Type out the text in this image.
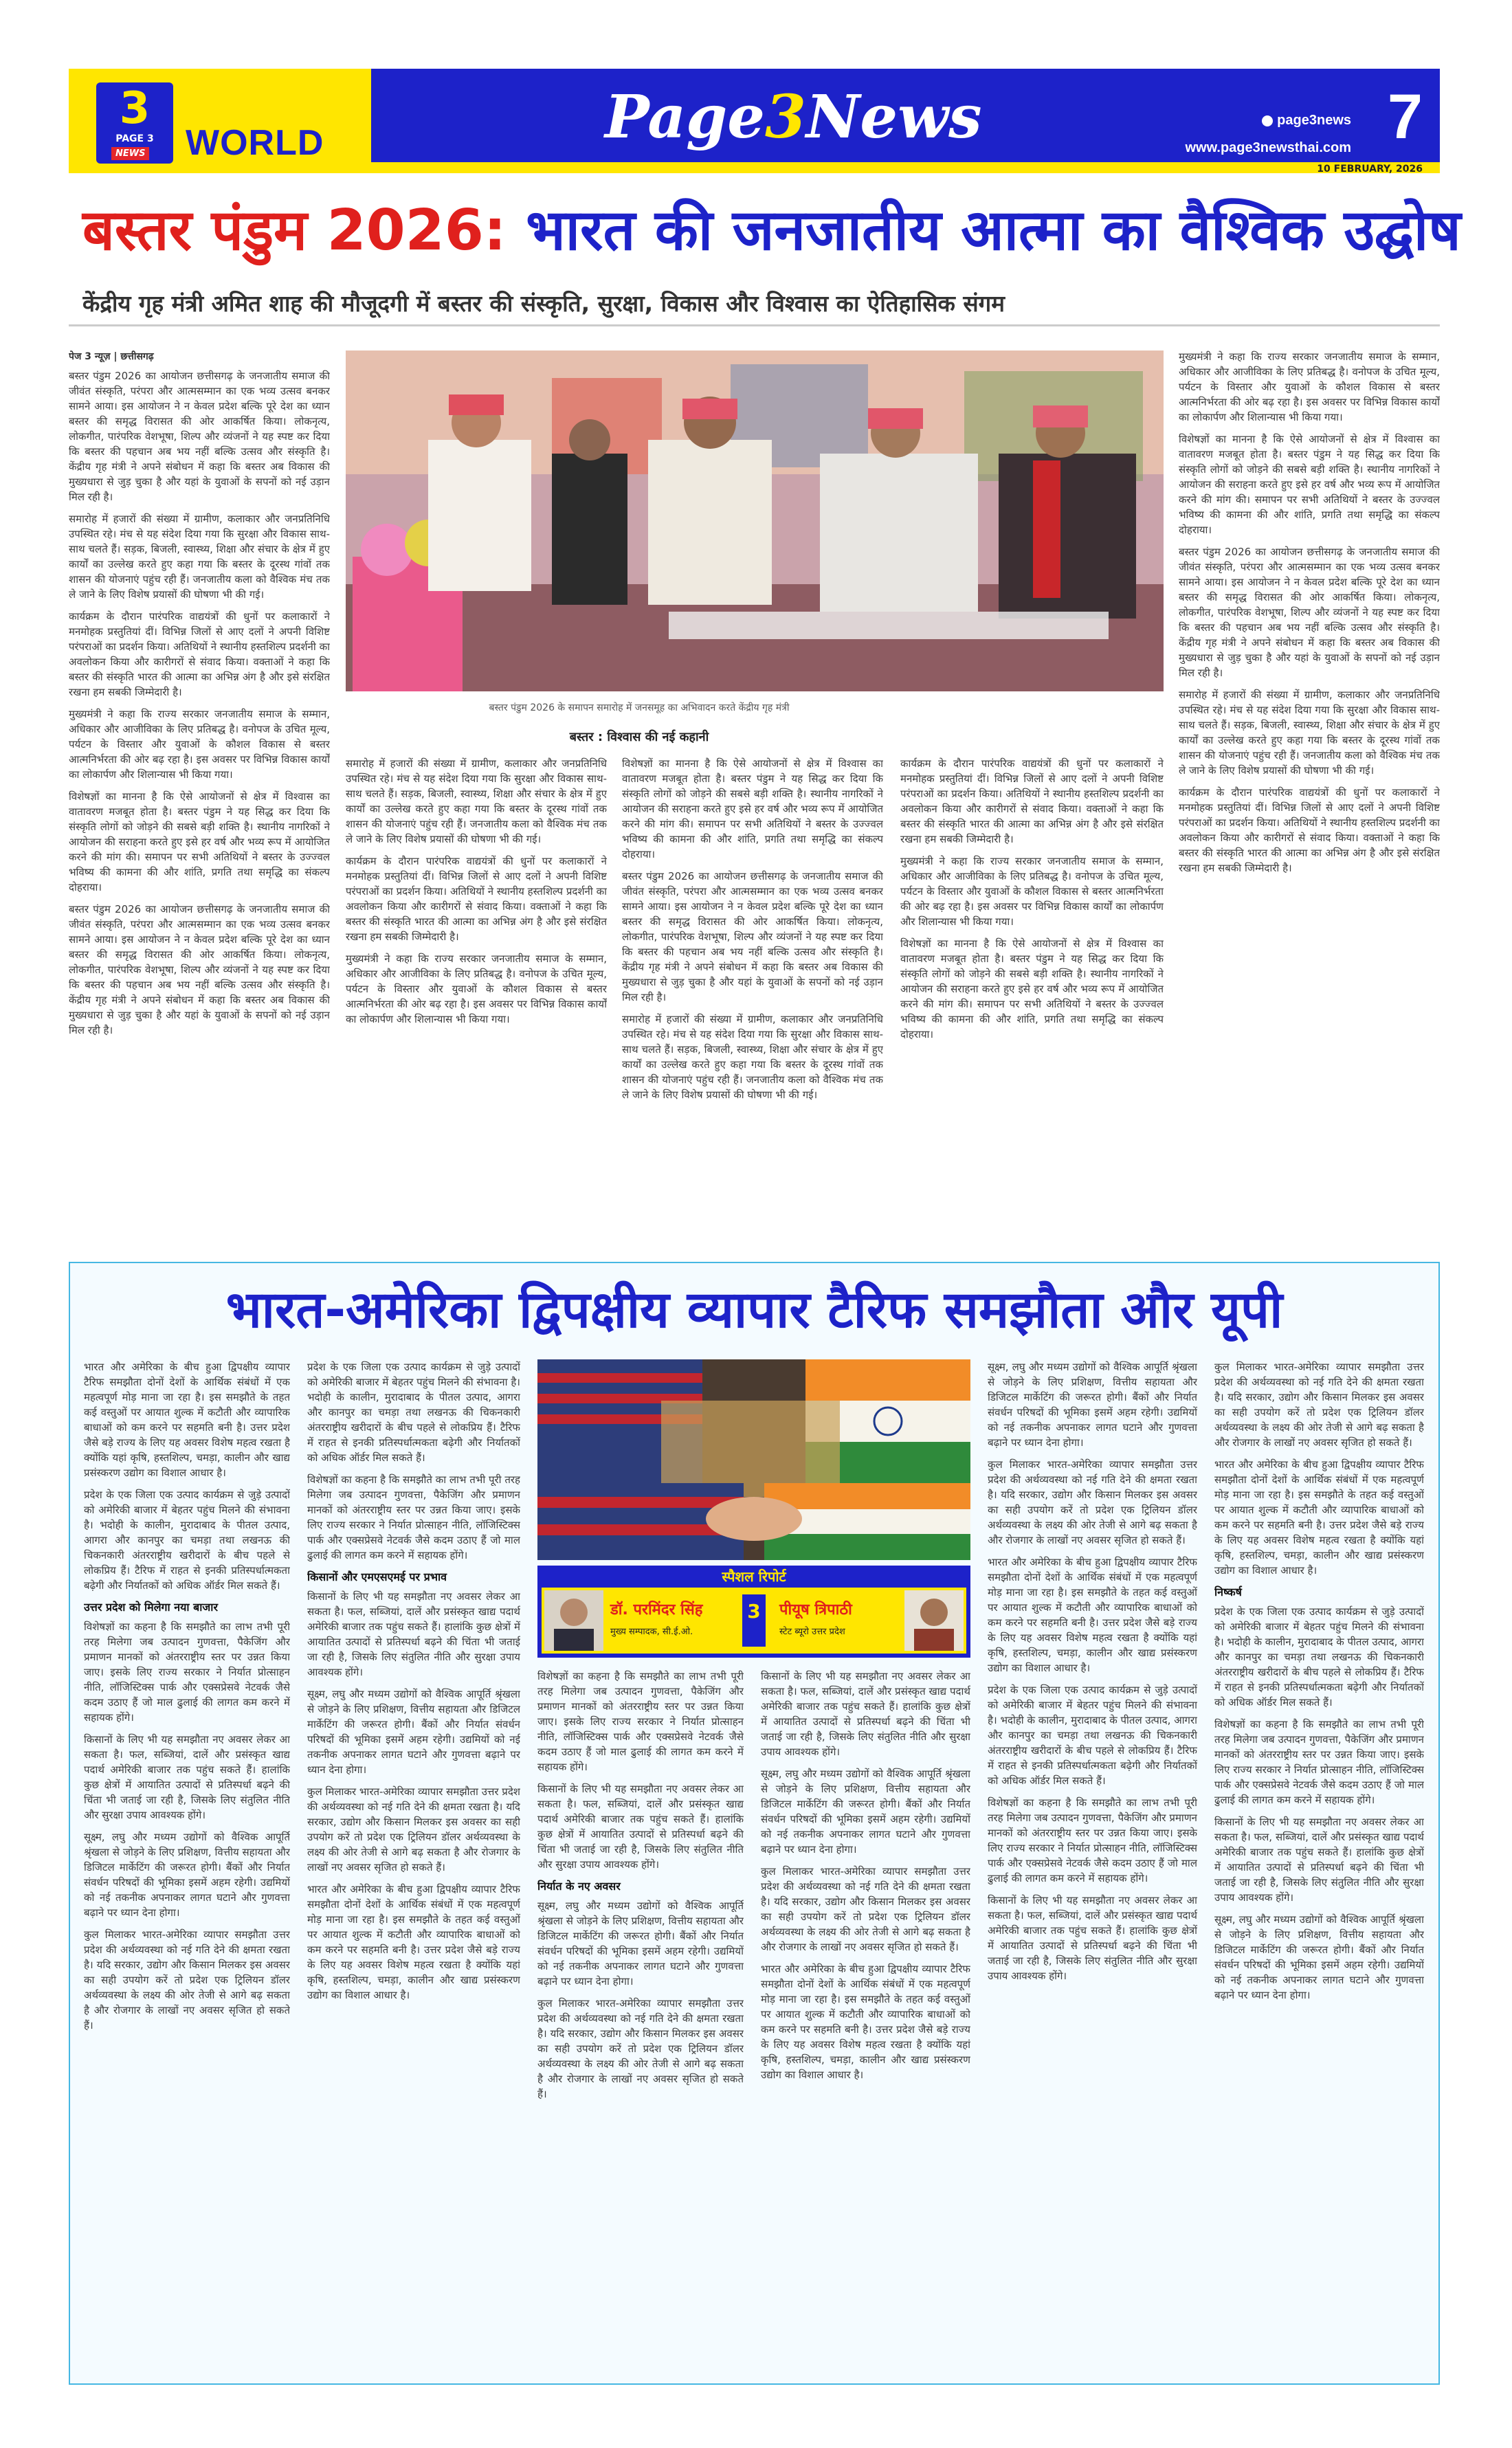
3
PAGE 3
NEWS WORLD	Page3News	page3news
www.page3newsthai.com 7
10 FEBRUARY, 2026
बस्तर पंडुम 2026: भारत की जनजातीय आत्मा का वैश्विक उद्घोष
केंद्रीय गृह मंत्री अमित शाह की मौजूदगी में बस्तर की संस्कृति, सुरक्षा, विकास और विश्वास का ऐतिहासिक संगम
पेज 3 न्यूज़ | छत्तीसगढ़

बस्तर पंडुम 2026 का आयोजन छत्तीसगढ़ के जनजातीय समाज की जीवंत संस्कृति, परंपरा और आत्मसम्मान का एक भव्य उत्सव बनकर सामने आया। इस आयोजन ने न केवल प्रदेश बल्कि पूरे देश का ध्यान बस्तर की समृद्ध विरासत की ओर आकर्षित किया। लोकनृत्य, लोकगीत, पारंपरिक वेशभूषा, शिल्प और व्यंजनों ने यह स्पष्ट कर दिया कि बस्तर की पहचान अब भय नहीं बल्कि उत्सव और संस्कृति है। केंद्रीय गृह मंत्री ने अपने संबोधन में कहा कि बस्तर अब विकास की मुख्यधारा से जुड़ चुका है और यहां के युवाओं के सपनों को नई उड़ान मिल रही है।

समारोह में हजारों की संख्या में ग्रामीण, कलाकार और जनप्रतिनिधि उपस्थित रहे। मंच से यह संदेश दिया गया कि सुरक्षा और विकास साथ-साथ चलते हैं। सड़क, बिजली, स्वास्थ्य, शिक्षा और संचार के क्षेत्र में हुए कार्यों का उल्लेख करते हुए कहा गया कि बस्तर के दूरस्थ गांवों तक शासन की योजनाएं पहुंच रही हैं। जनजातीय कला को वैश्विक मंच तक ले जाने के लिए विशेष प्रयासों की घोषणा भी की गई।

कार्यक्रम के दौरान पारंपरिक वाद्ययंत्रों की धुनों पर कलाकारों ने मनमोहक प्रस्तुतियां दीं। विभिन्न जिलों से आए दलों ने अपनी विशिष्ट परंपराओं का प्रदर्शन किया। अतिथियों ने स्थानीय हस्तशिल्प प्रदर्शनी का अवलोकन किया और कारीगरों से संवाद किया। वक्ताओं ने कहा कि बस्तर की संस्कृति भारत की आत्मा का अभिन्न अंग है और इसे संरक्षित रखना हम सबकी जिम्मेदारी है।

मुख्यमंत्री ने कहा कि राज्य सरकार जनजातीय समाज के सम्मान, अधिकार और आजीविका के लिए प्रतिबद्ध है। वनोपज के उचित मूल्य, पर्यटन के विस्तार और युवाओं के कौशल विकास से बस्तर आत्मनिर्भरता की ओर बढ़ रहा है। इस अवसर पर विभिन्न विकास कार्यों का लोकार्पण और शिलान्यास भी किया गया।

विशेषज्ञों का मानना है कि ऐसे आयोजनों से क्षेत्र में विश्वास का वातावरण मजबूत होता है। बस्तर पंडुम ने यह सिद्ध कर दिया कि संस्कृति लोगों को जोड़ने की सबसे बड़ी शक्ति है। स्थानीय नागरिकों ने आयोजन की सराहना करते हुए इसे हर वर्ष और भव्य रूप में आयोजित करने की मांग की। समापन पर सभी अतिथियों ने बस्तर के उज्ज्वल भविष्य की कामना की और शांति, प्रगति तथा समृद्धि का संकल्प दोहराया।

बस्तर पंडुम 2026 का आयोजन छत्तीसगढ़ के जनजातीय समाज की जीवंत संस्कृति, परंपरा और आत्मसम्मान का एक भव्य उत्सव बनकर सामने आया। इस आयोजन ने न केवल प्रदेश बल्कि पूरे देश का ध्यान बस्तर की समृद्ध विरासत की ओर आकर्षित किया। लोकनृत्य, लोकगीत, पारंपरिक वेशभूषा, शिल्प और व्यंजनों ने यह स्पष्ट कर दिया कि बस्तर की पहचान अब भय नहीं बल्कि उत्सव और संस्कृति है। केंद्रीय गृह मंत्री ने अपने संबोधन में कहा कि बस्तर अब विकास की मुख्यधारा से जुड़ चुका है और यहां के युवाओं के सपनों को नई उड़ान मिल रही है।

बस्तर पंडुम 2026 के समापन समारोह में जनसमूह का अभिवादन करते केंद्रीय गृह मंत्री
बस्तर : विश्वास की नई कहानी

समारोह में हजारों की संख्या में ग्रामीण, कलाकार और जनप्रतिनिधि उपस्थित रहे। मंच से यह संदेश दिया गया कि सुरक्षा और विकास साथ-साथ चलते हैं। सड़क, बिजली, स्वास्थ्य, शिक्षा और संचार के क्षेत्र में हुए कार्यों का उल्लेख करते हुए कहा गया कि बस्तर के दूरस्थ गांवों तक शासन की योजनाएं पहुंच रही हैं। जनजातीय कला को वैश्विक मंच तक ले जाने के लिए विशेष प्रयासों की घोषणा भी की गई।

कार्यक्रम के दौरान पारंपरिक वाद्ययंत्रों की धुनों पर कलाकारों ने मनमोहक प्रस्तुतियां दीं। विभिन्न जिलों से आए दलों ने अपनी विशिष्ट परंपराओं का प्रदर्शन किया। अतिथियों ने स्थानीय हस्तशिल्प प्रदर्शनी का अवलोकन किया और कारीगरों से संवाद किया। वक्ताओं ने कहा कि बस्तर की संस्कृति भारत की आत्मा का अभिन्न अंग है और इसे संरक्षित रखना हम सबकी जिम्मेदारी है।

मुख्यमंत्री ने कहा कि राज्य सरकार जनजातीय समाज के सम्मान, अधिकार और आजीविका के लिए प्रतिबद्ध है। वनोपज के उचित मूल्य, पर्यटन के विस्तार और युवाओं के कौशल विकास से बस्तर आत्मनिर्भरता की ओर बढ़ रहा है। इस अवसर पर विभिन्न विकास कार्यों का लोकार्पण और शिलान्यास भी किया गया।

विशेषज्ञों का मानना है कि ऐसे आयोजनों से क्षेत्र में विश्वास का वातावरण मजबूत होता है। बस्तर पंडुम ने यह सिद्ध कर दिया कि संस्कृति लोगों को जोड़ने की सबसे बड़ी शक्ति है। स्थानीय नागरिकों ने आयोजन की सराहना करते हुए इसे हर वर्ष और भव्य रूप में आयोजित करने की मांग की। समापन पर सभी अतिथियों ने बस्तर के उज्ज्वल भविष्य की कामना की और शांति, प्रगति तथा समृद्धि का संकल्प दोहराया।

बस्तर पंडुम 2026 का आयोजन छत्तीसगढ़ के जनजातीय समाज की जीवंत संस्कृति, परंपरा और आत्मसम्मान का एक भव्य उत्सव बनकर सामने आया। इस आयोजन ने न केवल प्रदेश बल्कि पूरे देश का ध्यान बस्तर की समृद्ध विरासत की ओर आकर्षित किया। लोकनृत्य, लोकगीत, पारंपरिक वेशभूषा, शिल्प और व्यंजनों ने यह स्पष्ट कर दिया कि बस्तर की पहचान अब भय नहीं बल्कि उत्सव और संस्कृति है। केंद्रीय गृह मंत्री ने अपने संबोधन में कहा कि बस्तर अब विकास की मुख्यधारा से जुड़ चुका है और यहां के युवाओं के सपनों को नई उड़ान मिल रही है।

समारोह में हजारों की संख्या में ग्रामीण, कलाकार और जनप्रतिनिधि उपस्थित रहे। मंच से यह संदेश दिया गया कि सुरक्षा और विकास साथ-साथ चलते हैं। सड़क, बिजली, स्वास्थ्य, शिक्षा और संचार के क्षेत्र में हुए कार्यों का उल्लेख करते हुए कहा गया कि बस्तर के दूरस्थ गांवों तक शासन की योजनाएं पहुंच रही हैं। जनजातीय कला को वैश्विक मंच तक ले जाने के लिए विशेष प्रयासों की घोषणा भी की गई।

कार्यक्रम के दौरान पारंपरिक वाद्ययंत्रों की धुनों पर कलाकारों ने मनमोहक प्रस्तुतियां दीं। विभिन्न जिलों से आए दलों ने अपनी विशिष्ट परंपराओं का प्रदर्शन किया। अतिथियों ने स्थानीय हस्तशिल्प प्रदर्शनी का अवलोकन किया और कारीगरों से संवाद किया। वक्ताओं ने कहा कि बस्तर की संस्कृति भारत की आत्मा का अभिन्न अंग है और इसे संरक्षित रखना हम सबकी जिम्मेदारी है।

मुख्यमंत्री ने कहा कि राज्य सरकार जनजातीय समाज के सम्मान, अधिकार और आजीविका के लिए प्रतिबद्ध है। वनोपज के उचित मूल्य, पर्यटन के विस्तार और युवाओं के कौशल विकास से बस्तर आत्मनिर्भरता की ओर बढ़ रहा है। इस अवसर पर विभिन्न विकास कार्यों का लोकार्पण और शिलान्यास भी किया गया।

विशेषज्ञों का मानना है कि ऐसे आयोजनों से क्षेत्र में विश्वास का वातावरण मजबूत होता है। बस्तर पंडुम ने यह सिद्ध कर दिया कि संस्कृति लोगों को जोड़ने की सबसे बड़ी शक्ति है। स्थानीय नागरिकों ने आयोजन की सराहना करते हुए इसे हर वर्ष और भव्य रूप में आयोजित करने की मांग की। समापन पर सभी अतिथियों ने बस्तर के उज्ज्वल भविष्य की कामना की और शांति, प्रगति तथा समृद्धि का संकल्प दोहराया।

मुख्यमंत्री ने कहा कि राज्य सरकार जनजातीय समाज के सम्मान, अधिकार और आजीविका के लिए प्रतिबद्ध है। वनोपज के उचित मूल्य, पर्यटन के विस्तार और युवाओं के कौशल विकास से बस्तर आत्मनिर्भरता की ओर बढ़ रहा है। इस अवसर पर विभिन्न विकास कार्यों का लोकार्पण और शिलान्यास भी किया गया।

विशेषज्ञों का मानना है कि ऐसे आयोजनों से क्षेत्र में विश्वास का वातावरण मजबूत होता है। बस्तर पंडुम ने यह सिद्ध कर दिया कि संस्कृति लोगों को जोड़ने की सबसे बड़ी शक्ति है। स्थानीय नागरिकों ने आयोजन की सराहना करते हुए इसे हर वर्ष और भव्य रूप में आयोजित करने की मांग की। समापन पर सभी अतिथियों ने बस्तर के उज्ज्वल भविष्य की कामना की और शांति, प्रगति तथा समृद्धि का संकल्प दोहराया।

बस्तर पंडुम 2026 का आयोजन छत्तीसगढ़ के जनजातीय समाज की जीवंत संस्कृति, परंपरा और आत्मसम्मान का एक भव्य उत्सव बनकर सामने आया। इस आयोजन ने न केवल प्रदेश बल्कि पूरे देश का ध्यान बस्तर की समृद्ध विरासत की ओर आकर्षित किया। लोकनृत्य, लोकगीत, पारंपरिक वेशभूषा, शिल्प और व्यंजनों ने यह स्पष्ट कर दिया कि बस्तर की पहचान अब भय नहीं बल्कि उत्सव और संस्कृति है। केंद्रीय गृह मंत्री ने अपने संबोधन में कहा कि बस्तर अब विकास की मुख्यधारा से जुड़ चुका है और यहां के युवाओं के सपनों को नई उड़ान मिल रही है।

समारोह में हजारों की संख्या में ग्रामीण, कलाकार और जनप्रतिनिधि उपस्थित रहे। मंच से यह संदेश दिया गया कि सुरक्षा और विकास साथ-साथ चलते हैं। सड़क, बिजली, स्वास्थ्य, शिक्षा और संचार के क्षेत्र में हुए कार्यों का उल्लेख करते हुए कहा गया कि बस्तर के दूरस्थ गांवों तक शासन की योजनाएं पहुंच रही हैं। जनजातीय कला को वैश्विक मंच तक ले जाने के लिए विशेष प्रयासों की घोषणा भी की गई।

कार्यक्रम के दौरान पारंपरिक वाद्ययंत्रों की धुनों पर कलाकारों ने मनमोहक प्रस्तुतियां दीं। विभिन्न जिलों से आए दलों ने अपनी विशिष्ट परंपराओं का प्रदर्शन किया। अतिथियों ने स्थानीय हस्तशिल्प प्रदर्शनी का अवलोकन किया और कारीगरों से संवाद किया। वक्ताओं ने कहा कि बस्तर की संस्कृति भारत की आत्मा का अभिन्न अंग है और इसे संरक्षित रखना हम सबकी जिम्मेदारी है।

भारत-अमेरिका द्विपक्षीय व्यापार टैरिफ समझौता और यूपी

भारत और अमेरिका के बीच हुआ द्विपक्षीय व्यापार टैरिफ समझौता दोनों देशों के आर्थिक संबंधों में एक महत्वपूर्ण मोड़ माना जा रहा है। इस समझौते के तहत कई वस्तुओं पर आयात शुल्क में कटौती और व्यापारिक बाधाओं को कम करने पर सहमति बनी है। उत्तर प्रदेश जैसे बड़े राज्य के लिए यह अवसर विशेष महत्व रखता है क्योंकि यहां कृषि, हस्तशिल्प, चमड़ा, कालीन और खाद्य प्रसंस्करण उद्योग का विशाल आधार है।

प्रदेश के एक जिला एक उत्पाद कार्यक्रम से जुड़े उत्पादों को अमेरिकी बाजार में बेहतर पहुंच मिलने की संभावना है। भदोही के कालीन, मुरादाबाद के पीतल उत्पाद, आगरा और कानपुर का चमड़ा तथा लखनऊ की चिकनकारी अंतरराष्ट्रीय खरीदारों के बीच पहले से लोकप्रिय हैं। टैरिफ में राहत से इनकी प्रतिस्पर्धात्मकता बढ़ेगी और निर्यातकों को अधिक ऑर्डर मिल सकते हैं।

उत्तर प्रदेश को मिलेगा नया बाजार

विशेषज्ञों का कहना है कि समझौते का लाभ तभी पूरी तरह मिलेगा जब उत्पादन गुणवत्ता, पैकेजिंग और प्रमाणन मानकों को अंतरराष्ट्रीय स्तर पर उन्नत किया जाए। इसके लिए राज्य सरकार ने निर्यात प्रोत्साहन नीति, लॉजिस्टिक्स पार्क और एक्सप्रेसवे नेटवर्क जैसे कदम उठाए हैं जो माल ढुलाई की लागत कम करने में सहायक होंगे।

किसानों के लिए भी यह समझौता नए अवसर लेकर आ सकता है। फल, सब्जियां, दालें और प्रसंस्कृत खाद्य पदार्थ अमेरिकी बाजार तक पहुंच सकते हैं। हालांकि कुछ क्षेत्रों में आयातित उत्पादों से प्रतिस्पर्धा बढ़ने की चिंता भी जताई जा रही है, जिसके लिए संतुलित नीति और सुरक्षा उपाय आवश्यक होंगे।

सूक्ष्म, लघु और मध्यम उद्योगों को वैश्विक आपूर्ति श्रृंखला से जोड़ने के लिए प्रशिक्षण, वित्तीय सहायता और डिजिटल मार्केटिंग की जरूरत होगी। बैंकों और निर्यात संवर्धन परिषदों की भूमिका इसमें अहम रहेगी। उद्यमियों को नई तकनीक अपनाकर लागत घटाने और गुणवत्ता बढ़ाने पर ध्यान देना होगा।

कुल मिलाकर भारत-अमेरिका व्यापार समझौता उत्तर प्रदेश की अर्थव्यवस्था को नई गति देने की क्षमता रखता है। यदि सरकार, उद्योग और किसान मिलकर इस अवसर का सही उपयोग करें तो प्रदेश एक ट्रिलियन डॉलर अर्थव्यवस्था के लक्ष्य की ओर तेजी से आगे बढ़ सकता है और रोजगार के लाखों नए अवसर सृजित हो सकते हैं।

प्रदेश के एक जिला एक उत्पाद कार्यक्रम से जुड़े उत्पादों को अमेरिकी बाजार में बेहतर पहुंच मिलने की संभावना है। भदोही के कालीन, मुरादाबाद के पीतल उत्पाद, आगरा और कानपुर का चमड़ा तथा लखनऊ की चिकनकारी अंतरराष्ट्रीय खरीदारों के बीच पहले से लोकप्रिय हैं। टैरिफ में राहत से इनकी प्रतिस्पर्धात्मकता बढ़ेगी और निर्यातकों को अधिक ऑर्डर मिल सकते हैं।

विशेषज्ञों का कहना है कि समझौते का लाभ तभी पूरी तरह मिलेगा जब उत्पादन गुणवत्ता, पैकेजिंग और प्रमाणन मानकों को अंतरराष्ट्रीय स्तर पर उन्नत किया जाए। इसके लिए राज्य सरकार ने निर्यात प्रोत्साहन नीति, लॉजिस्टिक्स पार्क और एक्सप्रेसवे नेटवर्क जैसे कदम उठाए हैं जो माल ढुलाई की लागत कम करने में सहायक होंगे।

किसानों और एमएसएमई पर प्रभाव

किसानों के लिए भी यह समझौता नए अवसर लेकर आ सकता है। फल, सब्जियां, दालें और प्रसंस्कृत खाद्य पदार्थ अमेरिकी बाजार तक पहुंच सकते हैं। हालांकि कुछ क्षेत्रों में आयातित उत्पादों से प्रतिस्पर्धा बढ़ने की चिंता भी जताई जा रही है, जिसके लिए संतुलित नीति और सुरक्षा उपाय आवश्यक होंगे।

सूक्ष्म, लघु और मध्यम उद्योगों को वैश्विक आपूर्ति श्रृंखला से जोड़ने के लिए प्रशिक्षण, वित्तीय सहायता और डिजिटल मार्केटिंग की जरूरत होगी। बैंकों और निर्यात संवर्धन परिषदों की भूमिका इसमें अहम रहेगी। उद्यमियों को नई तकनीक अपनाकर लागत घटाने और गुणवत्ता बढ़ाने पर ध्यान देना होगा।

कुल मिलाकर भारत-अमेरिका व्यापार समझौता उत्तर प्रदेश की अर्थव्यवस्था को नई गति देने की क्षमता रखता है। यदि सरकार, उद्योग और किसान मिलकर इस अवसर का सही उपयोग करें तो प्रदेश एक ट्रिलियन डॉलर अर्थव्यवस्था के लक्ष्य की ओर तेजी से आगे बढ़ सकता है और रोजगार के लाखों नए अवसर सृजित हो सकते हैं।

भारत और अमेरिका के बीच हुआ द्विपक्षीय व्यापार टैरिफ समझौता दोनों देशों के आर्थिक संबंधों में एक महत्वपूर्ण मोड़ माना जा रहा है। इस समझौते के तहत कई वस्तुओं पर आयात शुल्क में कटौती और व्यापारिक बाधाओं को कम करने पर सहमति बनी है। उत्तर प्रदेश जैसे बड़े राज्य के लिए यह अवसर विशेष महत्व रखता है क्योंकि यहां कृषि, हस्तशिल्प, चमड़ा, कालीन और खाद्य प्रसंस्करण उद्योग का विशाल आधार है।

स्पैशल रिपोर्ट
डॉ. परमिंदर सिंह
मुख्य सम्पादक, सी.ई.ओ.
3	पीयूष त्रिपाठी
स्टेट ब्यूरो उत्तर प्रदेश

विशेषज्ञों का कहना है कि समझौते का लाभ तभी पूरी तरह मिलेगा जब उत्पादन गुणवत्ता, पैकेजिंग और प्रमाणन मानकों को अंतरराष्ट्रीय स्तर पर उन्नत किया जाए। इसके लिए राज्य सरकार ने निर्यात प्रोत्साहन नीति, लॉजिस्टिक्स पार्क और एक्सप्रेसवे नेटवर्क जैसे कदम उठाए हैं जो माल ढुलाई की लागत कम करने में सहायक होंगे।

किसानों के लिए भी यह समझौता नए अवसर लेकर आ सकता है। फल, सब्जियां, दालें और प्रसंस्कृत खाद्य पदार्थ अमेरिकी बाजार तक पहुंच सकते हैं। हालांकि कुछ क्षेत्रों में आयातित उत्पादों से प्रतिस्पर्धा बढ़ने की चिंता भी जताई जा रही है, जिसके लिए संतुलित नीति और सुरक्षा उपाय आवश्यक होंगे।

निर्यात के नए अवसर

सूक्ष्म, लघु और मध्यम उद्योगों को वैश्विक आपूर्ति श्रृंखला से जोड़ने के लिए प्रशिक्षण, वित्तीय सहायता और डिजिटल मार्केटिंग की जरूरत होगी। बैंकों और निर्यात संवर्धन परिषदों की भूमिका इसमें अहम रहेगी। उद्यमियों को नई तकनीक अपनाकर लागत घटाने और गुणवत्ता बढ़ाने पर ध्यान देना होगा।

कुल मिलाकर भारत-अमेरिका व्यापार समझौता उत्तर प्रदेश की अर्थव्यवस्था को नई गति देने की क्षमता रखता है। यदि सरकार, उद्योग और किसान मिलकर इस अवसर का सही उपयोग करें तो प्रदेश एक ट्रिलियन डॉलर अर्थव्यवस्था के लक्ष्य की ओर तेजी से आगे बढ़ सकता है और रोजगार के लाखों नए अवसर सृजित हो सकते हैं।

किसानों के लिए भी यह समझौता नए अवसर लेकर आ सकता है। फल, सब्जियां, दालें और प्रसंस्कृत खाद्य पदार्थ अमेरिकी बाजार तक पहुंच सकते हैं। हालांकि कुछ क्षेत्रों में आयातित उत्पादों से प्रतिस्पर्धा बढ़ने की चिंता भी जताई जा रही है, जिसके लिए संतुलित नीति और सुरक्षा उपाय आवश्यक होंगे।

सूक्ष्म, लघु और मध्यम उद्योगों को वैश्विक आपूर्ति श्रृंखला से जोड़ने के लिए प्रशिक्षण, वित्तीय सहायता और डिजिटल मार्केटिंग की जरूरत होगी। बैंकों और निर्यात संवर्धन परिषदों की भूमिका इसमें अहम रहेगी। उद्यमियों को नई तकनीक अपनाकर लागत घटाने और गुणवत्ता बढ़ाने पर ध्यान देना होगा।

कुल मिलाकर भारत-अमेरिका व्यापार समझौता उत्तर प्रदेश की अर्थव्यवस्था को नई गति देने की क्षमता रखता है। यदि सरकार, उद्योग और किसान मिलकर इस अवसर का सही उपयोग करें तो प्रदेश एक ट्रिलियन डॉलर अर्थव्यवस्था के लक्ष्य की ओर तेजी से आगे बढ़ सकता है और रोजगार के लाखों नए अवसर सृजित हो सकते हैं।

भारत और अमेरिका के बीच हुआ द्विपक्षीय व्यापार टैरिफ समझौता दोनों देशों के आर्थिक संबंधों में एक महत्वपूर्ण मोड़ माना जा रहा है। इस समझौते के तहत कई वस्तुओं पर आयात शुल्क में कटौती और व्यापारिक बाधाओं को कम करने पर सहमति बनी है। उत्तर प्रदेश जैसे बड़े राज्य के लिए यह अवसर विशेष महत्व रखता है क्योंकि यहां कृषि, हस्तशिल्प, चमड़ा, कालीन और खाद्य प्रसंस्करण उद्योग का विशाल आधार है।

सूक्ष्म, लघु और मध्यम उद्योगों को वैश्विक आपूर्ति श्रृंखला से जोड़ने के लिए प्रशिक्षण, वित्तीय सहायता और डिजिटल मार्केटिंग की जरूरत होगी। बैंकों और निर्यात संवर्धन परिषदों की भूमिका इसमें अहम रहेगी। उद्यमियों को नई तकनीक अपनाकर लागत घटाने और गुणवत्ता बढ़ाने पर ध्यान देना होगा।

कुल मिलाकर भारत-अमेरिका व्यापार समझौता उत्तर प्रदेश की अर्थव्यवस्था को नई गति देने की क्षमता रखता है। यदि सरकार, उद्योग और किसान मिलकर इस अवसर का सही उपयोग करें तो प्रदेश एक ट्रिलियन डॉलर अर्थव्यवस्था के लक्ष्य की ओर तेजी से आगे बढ़ सकता है और रोजगार के लाखों नए अवसर सृजित हो सकते हैं।

भारत और अमेरिका के बीच हुआ द्विपक्षीय व्यापार टैरिफ समझौता दोनों देशों के आर्थिक संबंधों में एक महत्वपूर्ण मोड़ माना जा रहा है। इस समझौते के तहत कई वस्तुओं पर आयात शुल्क में कटौती और व्यापारिक बाधाओं को कम करने पर सहमति बनी है। उत्तर प्रदेश जैसे बड़े राज्य के लिए यह अवसर विशेष महत्व रखता है क्योंकि यहां कृषि, हस्तशिल्प, चमड़ा, कालीन और खाद्य प्रसंस्करण उद्योग का विशाल आधार है।

प्रदेश के एक जिला एक उत्पाद कार्यक्रम से जुड़े उत्पादों को अमेरिकी बाजार में बेहतर पहुंच मिलने की संभावना है। भदोही के कालीन, मुरादाबाद के पीतल उत्पाद, आगरा और कानपुर का चमड़ा तथा लखनऊ की चिकनकारी अंतरराष्ट्रीय खरीदारों के बीच पहले से लोकप्रिय हैं। टैरिफ में राहत से इनकी प्रतिस्पर्धात्मकता बढ़ेगी और निर्यातकों को अधिक ऑर्डर मिल सकते हैं।

विशेषज्ञों का कहना है कि समझौते का लाभ तभी पूरी तरह मिलेगा जब उत्पादन गुणवत्ता, पैकेजिंग और प्रमाणन मानकों को अंतरराष्ट्रीय स्तर पर उन्नत किया जाए। इसके लिए राज्य सरकार ने निर्यात प्रोत्साहन नीति, लॉजिस्टिक्स पार्क और एक्सप्रेसवे नेटवर्क जैसे कदम उठाए हैं जो माल ढुलाई की लागत कम करने में सहायक होंगे।

किसानों के लिए भी यह समझौता नए अवसर लेकर आ सकता है। फल, सब्जियां, दालें और प्रसंस्कृत खाद्य पदार्थ अमेरिकी बाजार तक पहुंच सकते हैं। हालांकि कुछ क्षेत्रों में आयातित उत्पादों से प्रतिस्पर्धा बढ़ने की चिंता भी जताई जा रही है, जिसके लिए संतुलित नीति और सुरक्षा उपाय आवश्यक होंगे।

कुल मिलाकर भारत-अमेरिका व्यापार समझौता उत्तर प्रदेश की अर्थव्यवस्था को नई गति देने की क्षमता रखता है। यदि सरकार, उद्योग और किसान मिलकर इस अवसर का सही उपयोग करें तो प्रदेश एक ट्रिलियन डॉलर अर्थव्यवस्था के लक्ष्य की ओर तेजी से आगे बढ़ सकता है और रोजगार के लाखों नए अवसर सृजित हो सकते हैं।

भारत और अमेरिका के बीच हुआ द्विपक्षीय व्यापार टैरिफ समझौता दोनों देशों के आर्थिक संबंधों में एक महत्वपूर्ण मोड़ माना जा रहा है। इस समझौते के तहत कई वस्तुओं पर आयात शुल्क में कटौती और व्यापारिक बाधाओं को कम करने पर सहमति बनी है। उत्तर प्रदेश जैसे बड़े राज्य के लिए यह अवसर विशेष महत्व रखता है क्योंकि यहां कृषि, हस्तशिल्प, चमड़ा, कालीन और खाद्य प्रसंस्करण उद्योग का विशाल आधार है।

निष्कर्ष

प्रदेश के एक जिला एक उत्पाद कार्यक्रम से जुड़े उत्पादों को अमेरिकी बाजार में बेहतर पहुंच मिलने की संभावना है। भदोही के कालीन, मुरादाबाद के पीतल उत्पाद, आगरा और कानपुर का चमड़ा तथा लखनऊ की चिकनकारी अंतरराष्ट्रीय खरीदारों के बीच पहले से लोकप्रिय हैं। टैरिफ में राहत से इनकी प्रतिस्पर्धात्मकता बढ़ेगी और निर्यातकों को अधिक ऑर्डर मिल सकते हैं।

विशेषज्ञों का कहना है कि समझौते का लाभ तभी पूरी तरह मिलेगा जब उत्पादन गुणवत्ता, पैकेजिंग और प्रमाणन मानकों को अंतरराष्ट्रीय स्तर पर उन्नत किया जाए। इसके लिए राज्य सरकार ने निर्यात प्रोत्साहन नीति, लॉजिस्टिक्स पार्क और एक्सप्रेसवे नेटवर्क जैसे कदम उठाए हैं जो माल ढुलाई की लागत कम करने में सहायक होंगे।

किसानों के लिए भी यह समझौता नए अवसर लेकर आ सकता है। फल, सब्जियां, दालें और प्रसंस्कृत खाद्य पदार्थ अमेरिकी बाजार तक पहुंच सकते हैं। हालांकि कुछ क्षेत्रों में आयातित उत्पादों से प्रतिस्पर्धा बढ़ने की चिंता भी जताई जा रही है, जिसके लिए संतुलित नीति और सुरक्षा उपाय आवश्यक होंगे।

सूक्ष्म, लघु और मध्यम उद्योगों को वैश्विक आपूर्ति श्रृंखला से जोड़ने के लिए प्रशिक्षण, वित्तीय सहायता और डिजिटल मार्केटिंग की जरूरत होगी। बैंकों और निर्यात संवर्धन परिषदों की भूमिका इसमें अहम रहेगी। उद्यमियों को नई तकनीक अपनाकर लागत घटाने और गुणवत्ता बढ़ाने पर ध्यान देना होगा।
